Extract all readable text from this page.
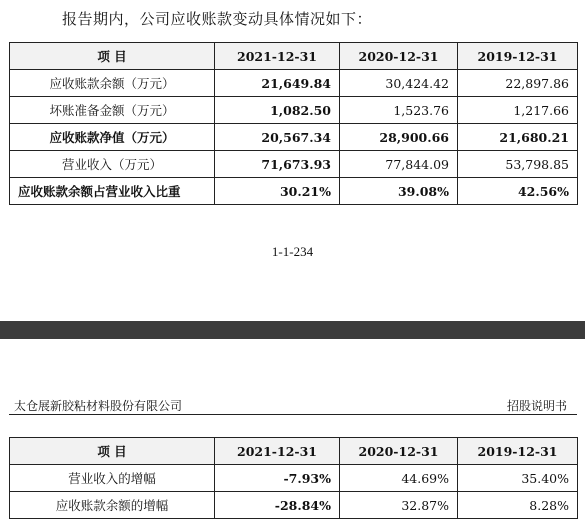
报告期内，公司应收账款变动具体情况如下：
项 目	2021-12-31	2020-12-31	2019-12-31
应收账款余额（万元）	21,649.84	30,424.42	22,897.86
坏账准备金额（万元）	1,082.50	1,523.76	1,217.66
应收账款净值（万元）	20,567.34	28,900.66	21,680.21
营业收入（万元）	71,673.93	77,844.09	53,798.85
应收账款余额占营业收入比重	30.21%	39.08%	42.56%
1-1-234
太仓展新胶粘材料股份有限公司	招股说明书
项 目	2021-12-31	2020-12-31	2019-12-31
营业收入的增幅	-7.93%	44.69%	35.40%
应收账款余额的增幅	-28.84%	32.87%	8.28%
